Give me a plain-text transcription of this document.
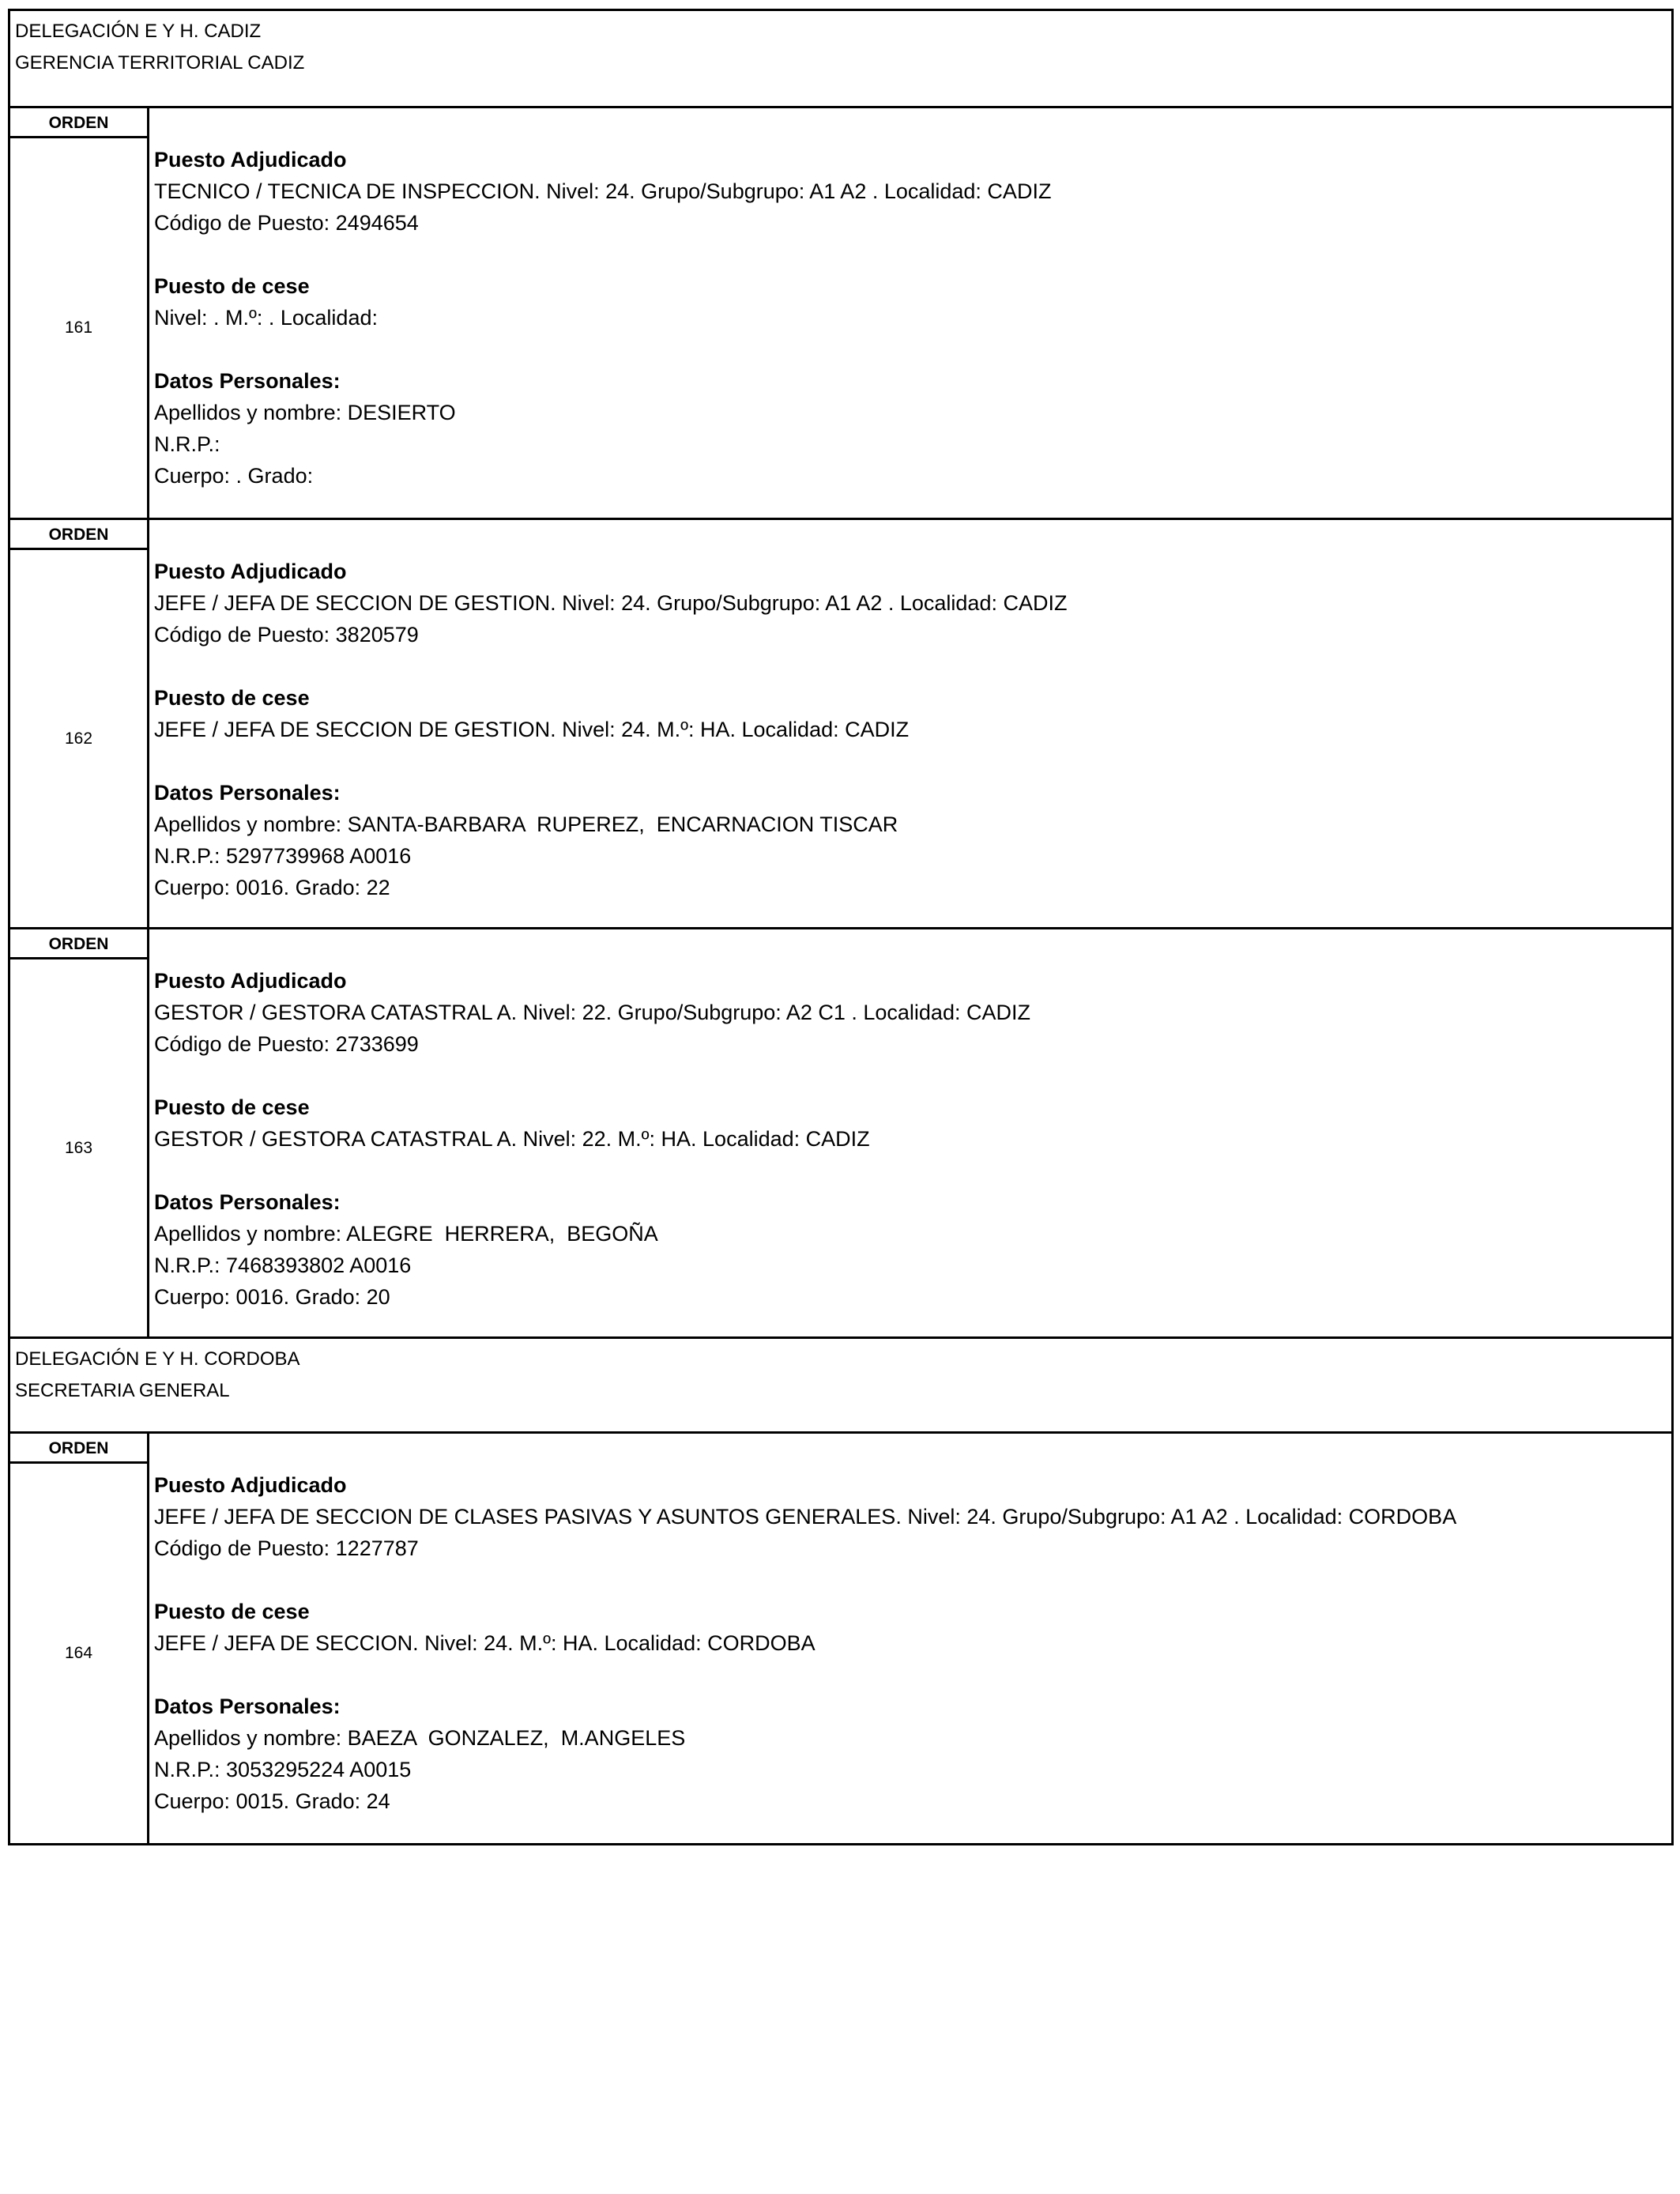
DELEGACIÓN E Y H. CADIZ
GERENCIA TERRITORIAL CADIZ
ORDEN
161
Puesto Adjudicado
TECNICO / TECNICA DE INSPECCION. Nivel: 24. Grupo/Subgrupo: A1 A2 . Localidad: CADIZ
Código de Puesto: 2494654
Puesto de cese
Nivel: . M.º: . Localidad:
Datos Personales:
Apellidos y nombre: DESIERTO
N.R.P.:
Cuerpo: . Grado:
ORDEN
162
Puesto Adjudicado
JEFE / JEFA DE SECCION DE GESTION. Nivel: 24. Grupo/Subgrupo: A1 A2 . Localidad: CADIZ
Código de Puesto: 3820579
Puesto de cese
JEFE / JEFA DE SECCION DE GESTION. Nivel: 24. M.º: HA. Localidad: CADIZ
Datos Personales:
Apellidos y nombre: SANTA-BARBARA  RUPEREZ,  ENCARNACION TISCAR
N.R.P.: 5297739968 A0016
Cuerpo: 0016. Grado: 22
ORDEN
163
Puesto Adjudicado
GESTOR / GESTORA CATASTRAL A. Nivel: 22. Grupo/Subgrupo: A2 C1 . Localidad: CADIZ
Código de Puesto: 2733699
Puesto de cese
GESTOR / GESTORA CATASTRAL A. Nivel: 22. M.º: HA. Localidad: CADIZ
Datos Personales:
Apellidos y nombre: ALEGRE  HERRERA,  BEGOÑA
N.R.P.: 7468393802 A0016
Cuerpo: 0016. Grado: 20
DELEGACIÓN E Y H. CORDOBA
SECRETARIA GENERAL
ORDEN
164
Puesto Adjudicado
JEFE / JEFA DE SECCION DE CLASES PASIVAS Y ASUNTOS GENERALES. Nivel: 24. Grupo/Subgrupo: A1 A2 . Localidad: CORDOBA
Código de Puesto: 1227787
Puesto de cese
JEFE / JEFA DE SECCION. Nivel: 24. M.º: HA. Localidad: CORDOBA
Datos Personales:
Apellidos y nombre: BAEZA  GONZALEZ,  M.ANGELES
N.R.P.: 3053295224 A0015
Cuerpo: 0015. Grado: 24
